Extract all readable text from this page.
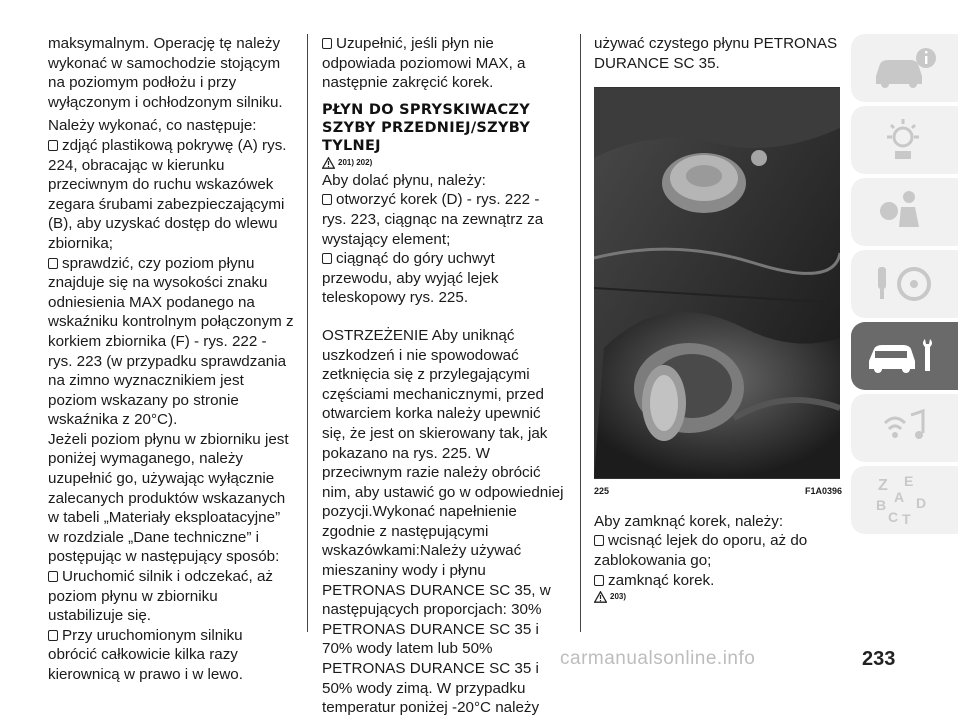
maksymalnym. Operację tę należy wykonać w samochodzie stojącym na poziomym podłożu i przy wyłączonym i ochłodzonym silniku.

Należy wykonać, co następuje:

zdjąć plastikową pokrywę (A) rys. 224, obracając w kierunku przeciwnym do ruchu wskazówek zegara śrubami zabezpieczającymi (B), aby uzyskać dostęp do wlewu zbiornika;

sprawdzić, czy poziom płynu znajduje się na wysokości znaku odniesienia MAX podanego na wskaźniku kontrolnym połączonym z korkiem zbiornika (F) - rys. 222 - rys. 223 (w przypadku sprawdzania na zimno wyznacznikiem jest poziom wskazany po stronie wskaźnika z 20°C).

Jeżeli poziom płynu w zbiorniku jest poniżej wymaganego, należy uzupełnić go, używając wyłącznie zalecanych produktów wskazanych w tabeli „Materiały eksploatacyjne” w rozdziale „Dane techniczne” i postępując w następujący sposób:

Uruchomić silnik i odczekać, aż poziom płynu w zbiorniku ustabilizuje się.

Przy uruchomionym silniku obrócić całkowicie kilka razy kierownicą w prawo i w lewo.

Uzupełnić, jeśli płyn nie odpowiada poziomowi MAX, a następnie zakręcić korek.

PŁYN DO SPRYSKIWACZY SZYBY PRZEDNIEJ/SZYBY TYLNEJ
201) 202)

Aby dolać płynu, należy:

otworzyć korek (D) - rys. 222 - rys. 223, ciągnąc na zewnątrz za wystający element;

ciągnąć do góry uchwyt przewodu, aby wyjąć lejek teleskopowy rys. 225.

OSTRZEŻENIE Aby uniknąć uszkodzeń i nie spowodować zetknięcia się z przylegającymi częściami mechanicznymi, przed otwarciem korka należy upewnić się, że jest on skierowany tak, jak pokazano na rys. 225. W przeciwnym razie należy obrócić nim, aby ustawić go w odpowiedniej pozycji.Wykonać napełnienie zgodnie z następującymi wskazówkami:Należy używać mieszaniny wody i płynu PETRONAS DURANCE SC 35, w następujących proporcjach: 30% PETRONAS DURANCE SC 35 i 70% wody latem lub 50% PETRONAS DURANCE SC 35 i 50% wody zimą. W przypadku temperatur poniżej -20°C należy

używać czystego płynu PETRONAS DURANCE SC 35.

225	F1A0396

Aby zamknąć korek, należy:

wcisnąć lejek do oporu, aż do zablokowania go;

zamknąć korek.

203)
Z E
A
B D
C T
233
carmanualsonline.info
